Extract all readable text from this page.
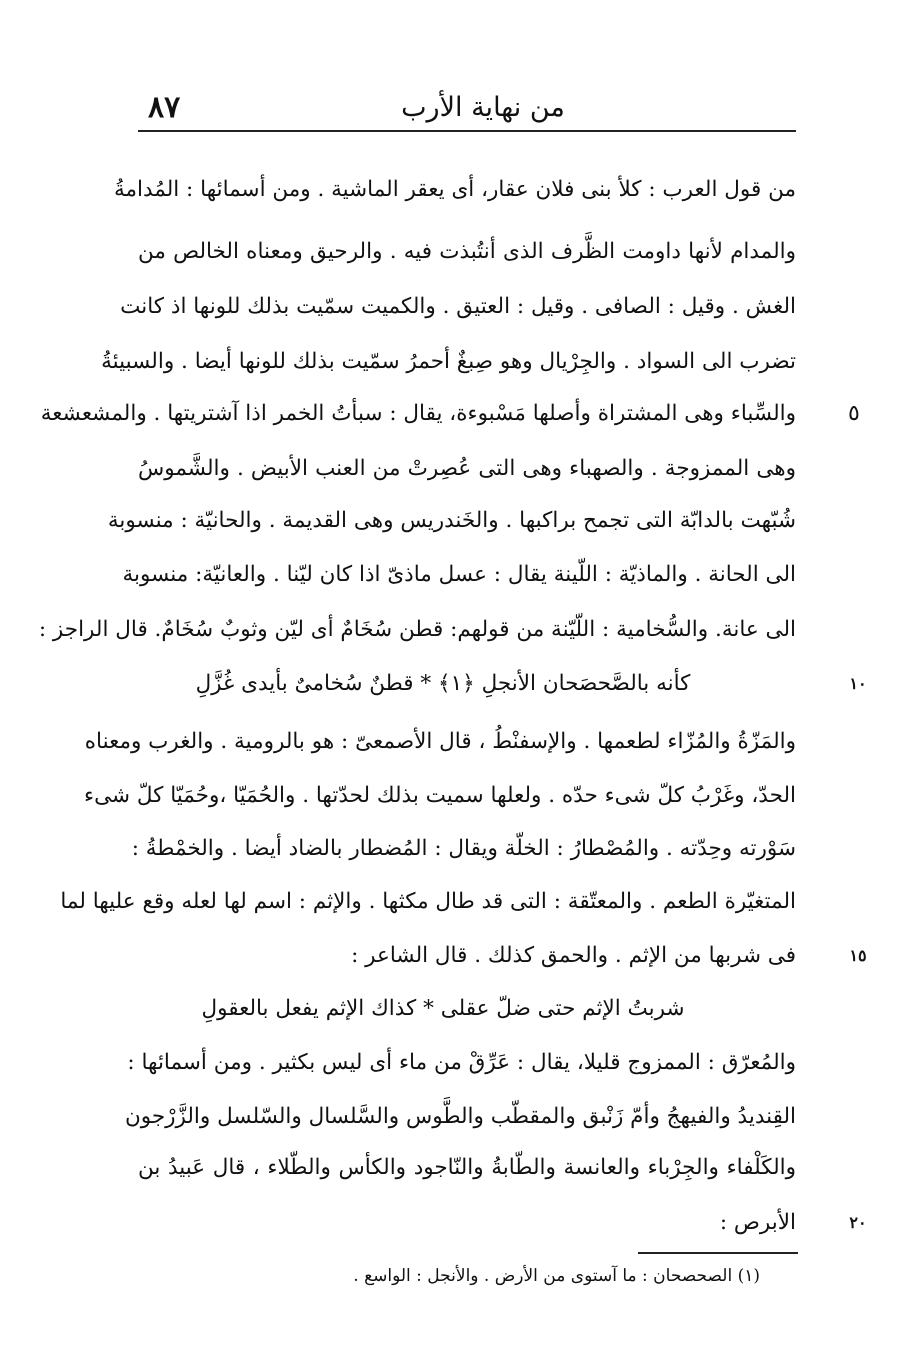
٨٧	من نهاية الأرب
من قول العرب : كلأ بنى فلان عقار، أى يعقر الماشية . ومن أسمائها : المُدامةُ
والمدام لأنها داومت الظَّرف الذى أنتُبذت فيه . والرحيق ومعناه الخالص من
الغش . وقيل : الصافى . وقيل : العتيق . والكميت سمّيت بذلك للونها اذ كانت
تضرب الى السواد . والجِرْيال وهو صِبغٌ أحمرُ سمّيت بذلك للونها أيضا . والسبيئةُ
والسِّباء وهى المشتراة وأصلها مَسْبوءة، يقال : سبأتُ الخمر اذا آشتريتها . والمشعشعة
وهى الممزوجة . والصهباء وهى التى عُصِرتْ من العنب الأبيض . والشَّموسُ
شُبّهت بالدابّة التى تجمح براكبها . والخَندريس وهى القديمة . والحانيّة : منسوبة
الى الحانة . والماذيّة : اللّينة يقال : عسل ماذىّ اذا كان ليّنا . والعانيّة: منسوبة
الى عانة. والسُّخامية : اللّيّنة من قولهم: قطن سُخَامٌ أى ليّن وثوبٌ سُخَامٌ. قال الراجز :
كأنه بالصَّحصَحان الأنجلِ ﴿١﴾ * قطنٌ سُخامىٌ بأيدى غُزَّلِ
والمَزّةُ والمُزّاء لطعمها . والإسفنْطُ ، قال الأصمعىّ : هو بالرومية . والغرب ومعناه
الحدّ، وغَرْبُ كلّ شىء حدّه . ولعلها سميت بذلك لحدّتها . والحُمَيّا ،وحُمَيّا كلّ شىء
سَوْرته وحِدّته . والمُصْطارُ : الخلّة ويقال : المُضطار بالضاد أيضا . والخمْطةُ :
المتغيّرة الطعم . والمعتّقة : التى قد طال مكثها . والإثم : اسم لها لعله وقع عليها لما
فى شربها من الإثم . والحمق كذلك . قال الشاعر :
شربتُ الإثم حتى ضلّ عقلى * كذاك الإثم يفعل بالعقولِ
والمُعرّق : الممزوج قليلا، يقال : عَرِّقْ من ماء أى ليس بكثير . ومن أسمائها :
القِنديدُ والفيهجُ وأمّ زَنْبق والمقطّب والطَّوس والسَّلسال والسّلسل والزَّرْجون
والكَلْفاء والجِرْباء والعانسة والطّابةُ والنّاجود والكأس والطّلاء ، قال عَبيدُ بن
الأبرص :
٥
١٠
١٥
٢٠
(١) الصحصحان : ما آستوى من الأرض . والأنجل : الواسع .
